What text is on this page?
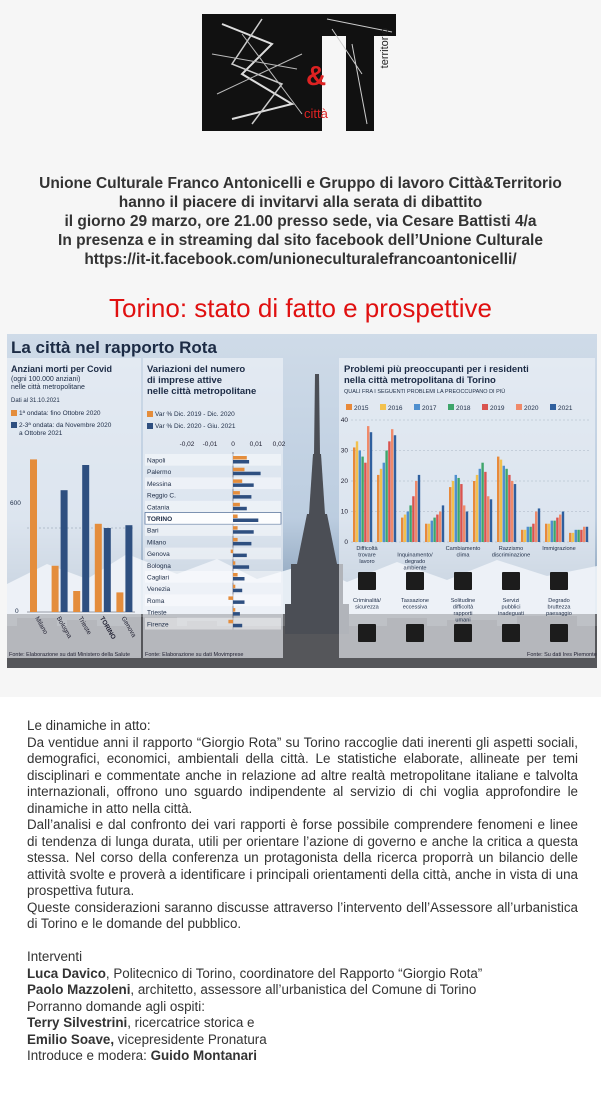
&
città
territorio
Unione Culturale Franco Antonicelli e Gruppo di lavoro Città&Territorio
hanno il piacere di invitarvi alla serata di dibattito
il giorno 29 marzo, ore 21.00 presso sede, via Cesare Battisti 4/a
In presenza e in streaming dal sito facebook dell’Unione Culturale
https://it-it.facebook.com/unioneculturalefrancoantonicelli/
Torino: stato di fatto e prospettive
La città nel rapporto Rota
Anziani morti per Covid
(ogni 100.000 anziani)
nelle città metropolitane
Dati al 31.10.2021
1ª ondata: fino Ottobre 2020
2-3ª ondata: da Novembre 2020
a Ottobre 2021
600
0
Milano Bologna Trieste TORINO Genova
Fonte: Elaborazione su dati Ministero della Salute
Variazioni del numero
di imprese attive
nelle città metropolitane
Var % Dic. 2019 - Dic. 2020
Var % Dic. 2020 - Giu. 2021
-0,02 -0,01 0 0,01 0,02
Napoli
Palermo
Messina
Reggio C.
Catania
TORINO
Bari
Milano
Genova
Bologna
Cagliari
Venezia
Roma
Trieste
Firenze
Fonte: Elaborazione su dati Movimprese
Problemi più preoccupanti per i residenti
nella città metropolitana di Torino
QUALI FRA I SEGUENTI PROBLEMI LA PREOCCUPANO DI PIÙ
2015	2016	2017	2018	2019	2020	2021
40
30
20
10
0
Difficoltà trovare lavoro
Inquinamento/ degrado ambiente
Cambiamento clima
Razzismo discriminazione
Immigrazione
Criminalità/ sicurezza
Tassazione eccessiva
Solitudine difficoltà rapporti umani
Servizi pubblici inadeguati
Degrado bruttezza paesaggio
Fonte: Su dati Ires Piemonte

Le dinamiche in atto:

Da ventidue anni il rapporto “Giorgio Rota” su Torino raccoglie dati inerenti gli aspetti sociali, demografici, economici, ambientali della città. Le statistiche elaborate, allineate per temi disciplinari e commentate anche in relazione ad altre realtà metropolitane italiane e talvolta internazionali, offrono uno sguardo indipendente al servizio di chi voglia approfondire le dinamiche in atto nella città.

Dall’analisi e dal confronto dei vari rapporti è forse possibile comprendere fenomeni e linee di tendenza di lunga durata, utili per orientare l’azione di governo e anche la critica a questa stessa. Nel corso della conferenza un protagonista della ricerca proporrà un bilancio delle attività svolte e proverà a identificare i principali orientamenti della città, anche in vista di una prospettiva futura.

Queste considerazioni saranno discusse attraverso l’intervento dell’Assessore all’urbanistica di Torino e le domande del pubblico.

Interventi

Luca Davico, Politecnico di Torino, coordinatore del Rapporto “Giorgio Rota”

Paolo Mazzoleni, architetto, assessore all’urbanistica del Comune di Torino

Porranno domande agli ospiti:

Terry Silvestrini, ricercatrice storica e

Emilio Soave, vicepresidente Pronatura

Introduce e modera: Guido Montanari
